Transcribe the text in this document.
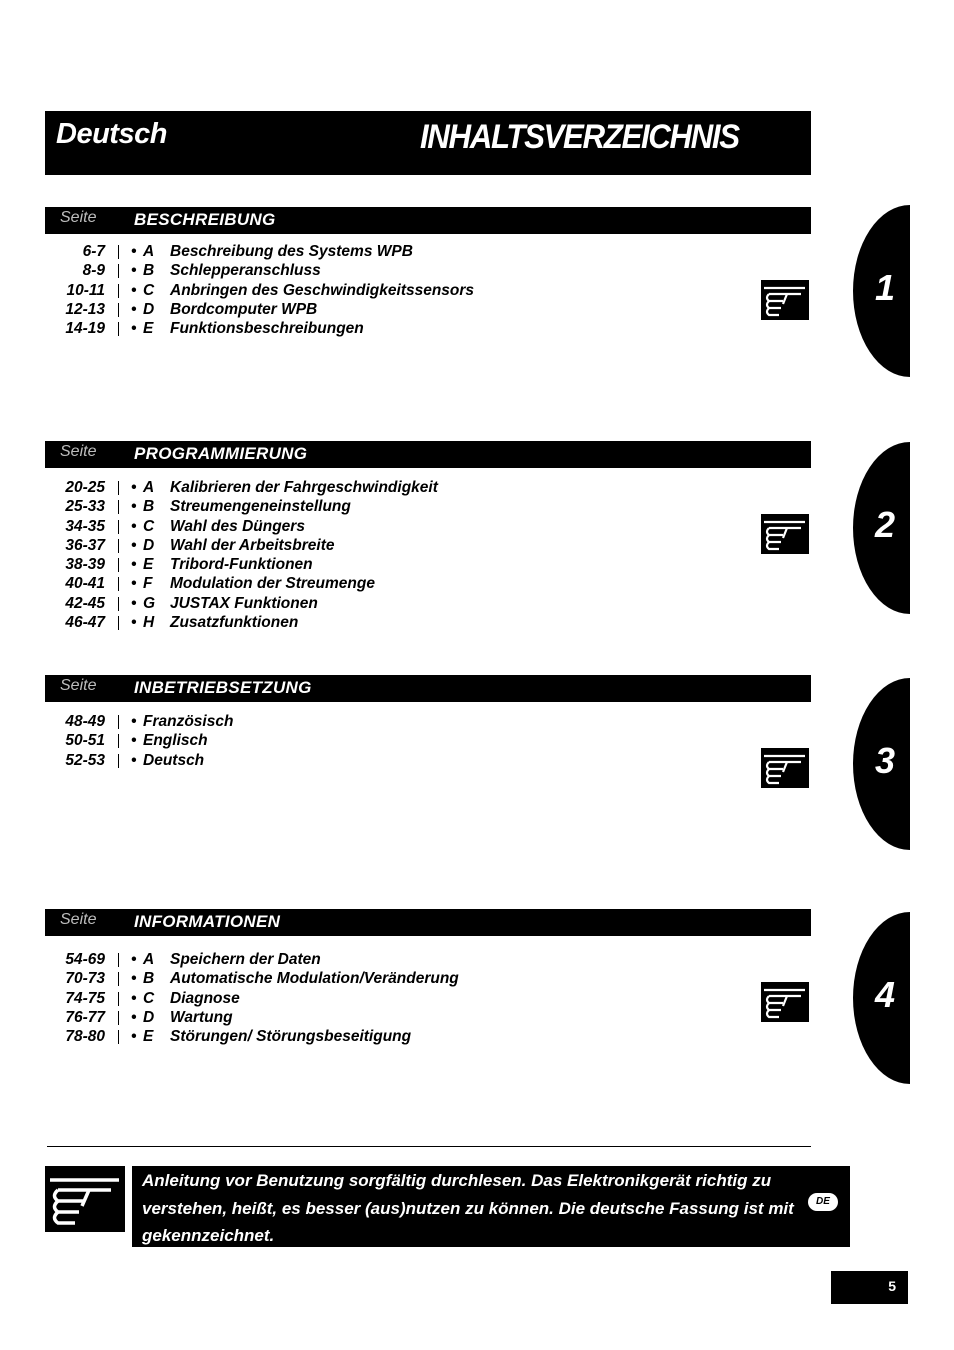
Deutsch	INHALTSVERZEICHNIS
Seite BESCHREIBUNG
6-7 • A Beschreibung des Systems WPB
8-9 • B Schlepperanschluss
10-11 • C Anbringen des Geschwindigkeitssensors
12-13 • D Bordcomputer WPB
14-19 • E Funktionsbeschreibungen
1
Seite PROGRAMMIERUNG
20-25 • A Kalibrieren der Fahrgeschwindigkeit
25-33 • B Streumengeneinstellung
34-35 • C Wahl des Düngers
36-37 • D Wahl der Arbeitsbreite
38-39 • E Tribord-Funktionen
40-41 • F Modulation der Streumenge
42-45 • G JUSTAX Funktionen
46-47 • H Zusatzfunktionen
2
Seite INBETRIEBSETZUNG
48-49 • Französisch
50-51 • Englisch
52-53 • Deutsch	3
Seite INFORMATIONEN
54-69 • A Speichern der Daten
70-73 • B Automatische Modulation/Veränderung
74-75 • C Diagnose
76-77 • D Wartung
78-80 • E Störungen/ Störungsbeseitigung
4
Anleitung vor Benutzung sorgfältig durchlesen. Das Elektronikgerät richtig zu verstehen, heißt, es besser (aus)nutzen zu können. Die deutsche Fassung ist mit gekennzeichnet.
DE
5
